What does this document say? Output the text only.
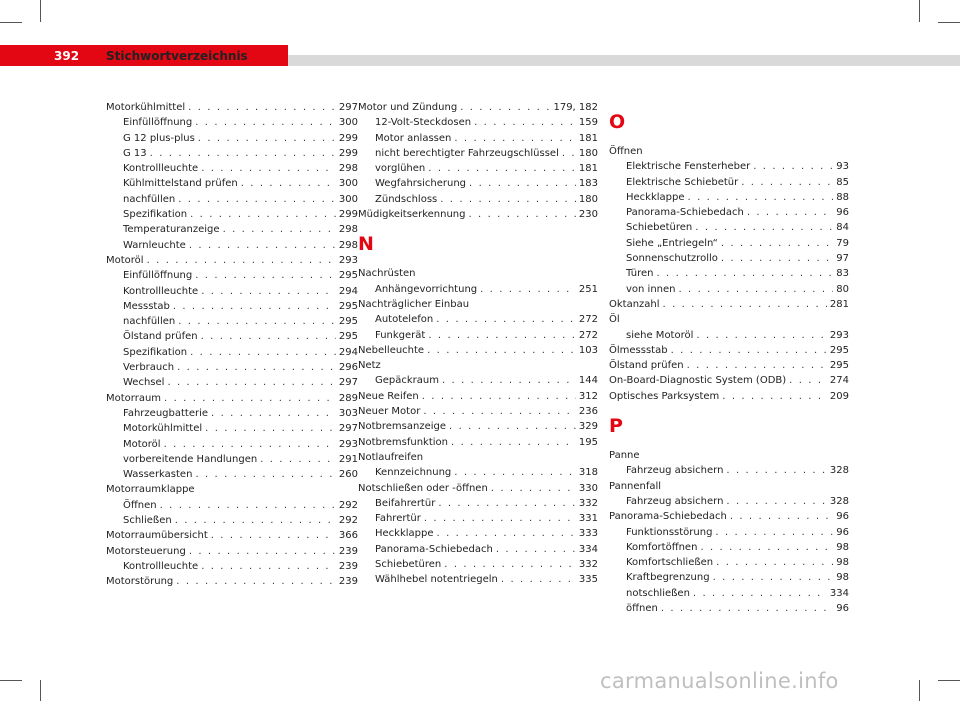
392	Stichwortverzeichnis
Motorkühlmittel . . .	297
Einfüllöffnung . . .	300
G 12 plus-plus . . .	299
G 13 . . .	299
Kontrollleuchte . . .	298
Kühlmittelstand prüfen . . .	300
nachfüllen . . .	300
Spezifikation . . .	299
Temperaturanzeige . . .	298
Warnleuchte . . .	298
Motoröl . . .	293
Einfüllöffnung . . .	295
Kontrollleuchte . . .	294
Messstab . . .	295
nachfüllen . . .	295
Ölstand prüfen . . .	295
Spezifikation . . .	294
Verbrauch . . .	296
Wechsel . . .	297
Motorraum . . .	289
Fahrzeugbatterie . . .	303
Motorkühlmittel . . .	297
Motoröl . . .	293
vorbereitende Handlungen . . .	291
Wasserkasten . . .	260
Motorraumklappe
Öffnen . . .	292
Schließen . . .	292
Motorraumübersicht . . .	366
Motorsteuerung . . .	239
Kontrollleuchte . . .	239
Motorstörung . . .	239
Motor und Zündung . . .	179, 182
12-Volt-Steckdosen . . .	159
Motor anlassen . . .	181
nicht berechtigter Fahrzeugschlüssel . . . 180
vorglühen . . .	181
Wegfahrsicherung . . .	183
Zündschloss . . .	180
Müdigkeitserkennung . . .	230
N
Nachrüsten
Anhängevorrichtung . . .	251
Nachträglicher Einbau
Autotelefon . . .	272
Funkgerät . . .	272
Nebelleuchte . . .	103
Netz
Gepäckraum . . .	144
Neue Reifen . . .	312
Neuer Motor . . .	236
Notbremsanzeige . . .	329
Notbremsfunktion . . .	195
Notlaufreifen
Kennzeichnung . . .	318
Notschließen oder -öffnen . . .	330
Beifahrertür . . .	332
Fahrertür . . .	331
Heckklappe . . .	333
Panorama-Schiebedach . . .	334
Schiebetüren . . .	332
Wählhebel notentriegeln . . .	335
O
Öffnen
Elektrische Fensterheber . . .	93
Elektrische Schiebetür . . .	85
Heckklappe . . .	88
Panorama-Schiebedach . . .	96
Schiebetüren . . .	84
Siehe „Entriegeln“ . . .	79
Sonnenschutzrollo . . .	97
Türen . . .	83
von innen . . .	80
Oktanzahl . . .	281
Öl
siehe Motoröl . . .	293
Ölmessstab . . .	295
Ölstand prüfen . . .	295
On-Board-Diagnostic System (ODB) . . .	274
Optisches Parksystem . . .	209
P
Panne
Fahrzeug absichern . . .	328
Pannenfall
Fahrzeug absichern . . .	328
Panorama-Schiebedach . . .	96
Funktionsstörung . . .	96
Komfortöffnen . . .	98
Komfortschließen . . .	98
Kraftbegrenzung . . .	98
notschließen . . .	334
öffnen . . .	96
carmanualsonline.info
